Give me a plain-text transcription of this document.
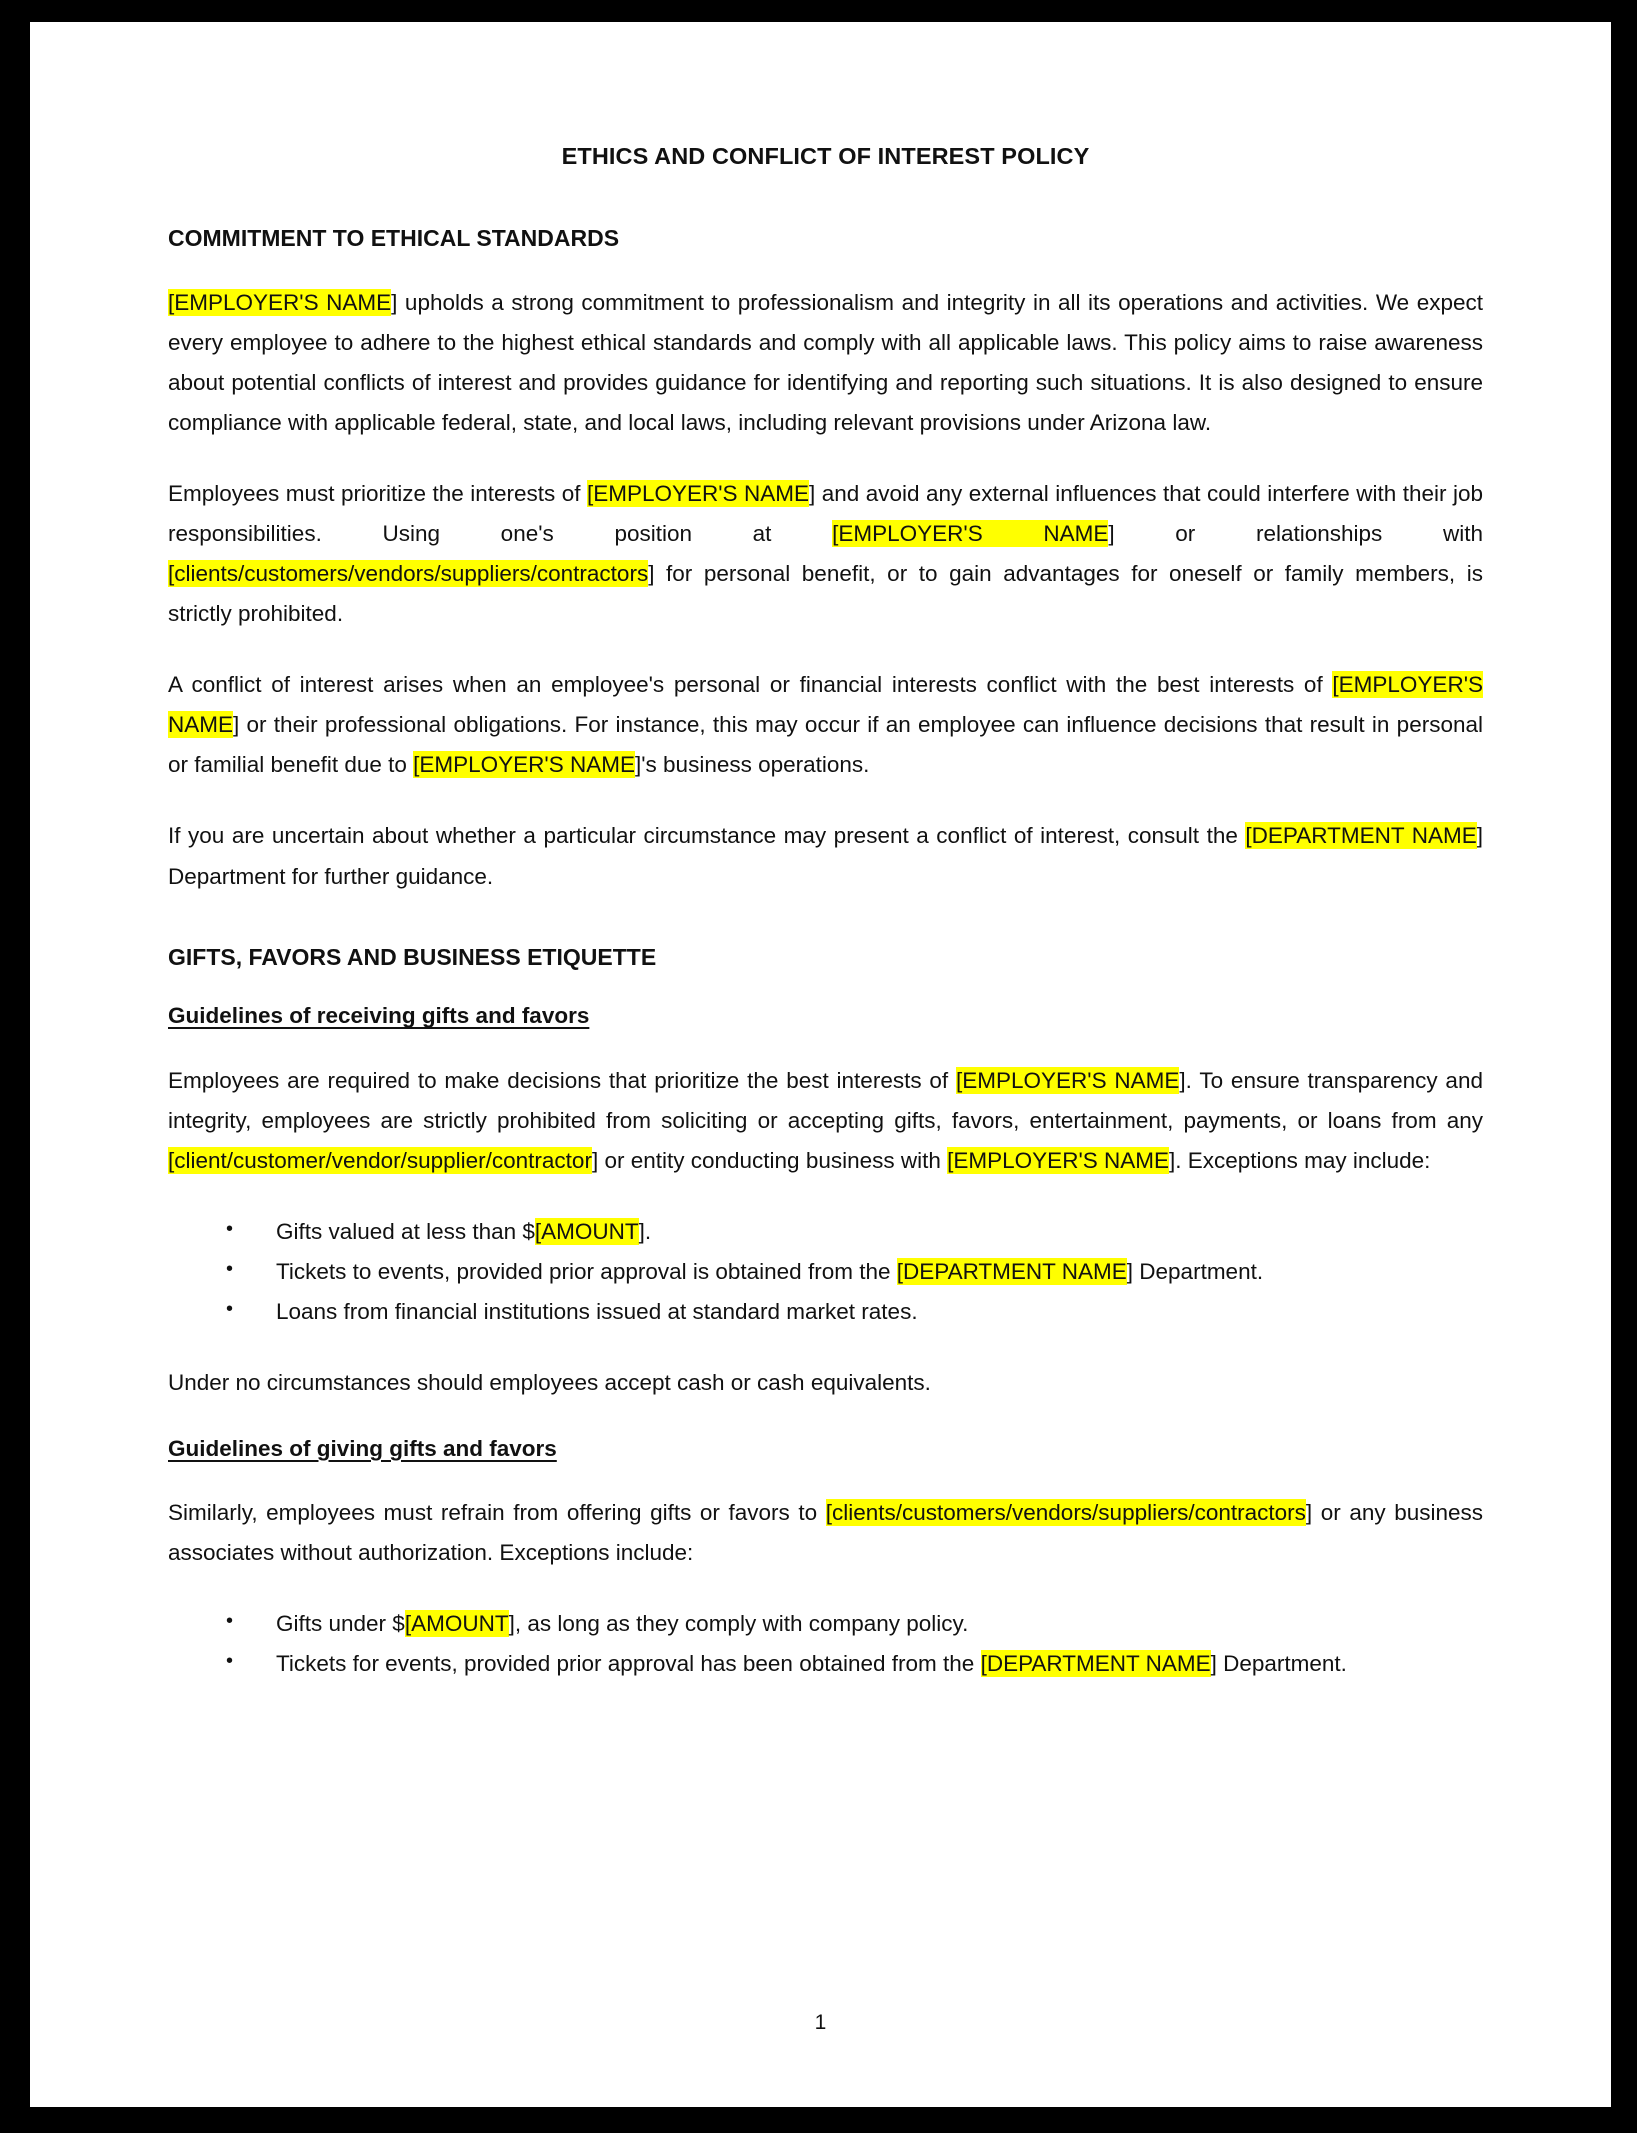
ETHICS AND CONFLICT OF INTEREST POLICY
COMMITMENT TO ETHICAL STANDARDS

[EMPLOYER'S NAME] upholds a strong commitment to professionalism and integrity in all its operations and activities. We expect every employee to adhere to the highest ethical standards and comply with all applicable laws. This policy aims to raise awareness about potential conflicts of interest and provides guidance for identifying and reporting such situations. It is also designed to ensure compliance with applicable federal, state, and local laws, including relevant provisions under Arizona law.

Employees must prioritize the interests of [EMPLOYER'S NAME] and avoid any external influences that could interfere with their job responsibilities. Using one's position at [EMPLOYER'S NAME] or relationships with [clients/customers/vendors/suppliers/contractors] for personal benefit, or to gain advantages for oneself or family members, is strictly prohibited.

A conflict of interest arises when an employee's personal or financial interests conflict with the best interests of [EMPLOYER'S NAME] or their professional obligations. For instance, this may occur if an employee can influence decisions that result in personal or familial benefit due to [EMPLOYER'S NAME]'s business operations.

If you are uncertain about whether a particular circumstance may present a conflict of interest, consult the [DEPARTMENT NAME] Department for further guidance.

GIFTS, FAVORS AND BUSINESS ETIQUETTE
Guidelines of receiving gifts and favors

Employees are required to make decisions that prioritize the best interests of [EMPLOYER'S NAME]. To ensure transparency and integrity, employees are strictly prohibited from soliciting or accepting gifts, favors, entertainment, payments, or loans from any [client/customer/vendor/supplier/contractor] or entity conducting business with [EMPLOYER'S NAME]. Exceptions may include:

• Gifts valued at less than $[AMOUNT].
• Tickets to events, provided prior approval is obtained from the [DEPARTMENT NAME] Department.
• Loans from financial institutions issued at standard market rates.

Under no circumstances should employees accept cash or cash equivalents.

Guidelines of giving gifts and favors

Similarly, employees must refrain from offering gifts or favors to [clients/customers/vendors/suppliers/contractors] or any business associates without authorization. Exceptions include:

• Gifts under $[AMOUNT], as long as they comply with company policy.
• Tickets for events, provided prior approval has been obtained from the [DEPARTMENT NAME] Department.
1
